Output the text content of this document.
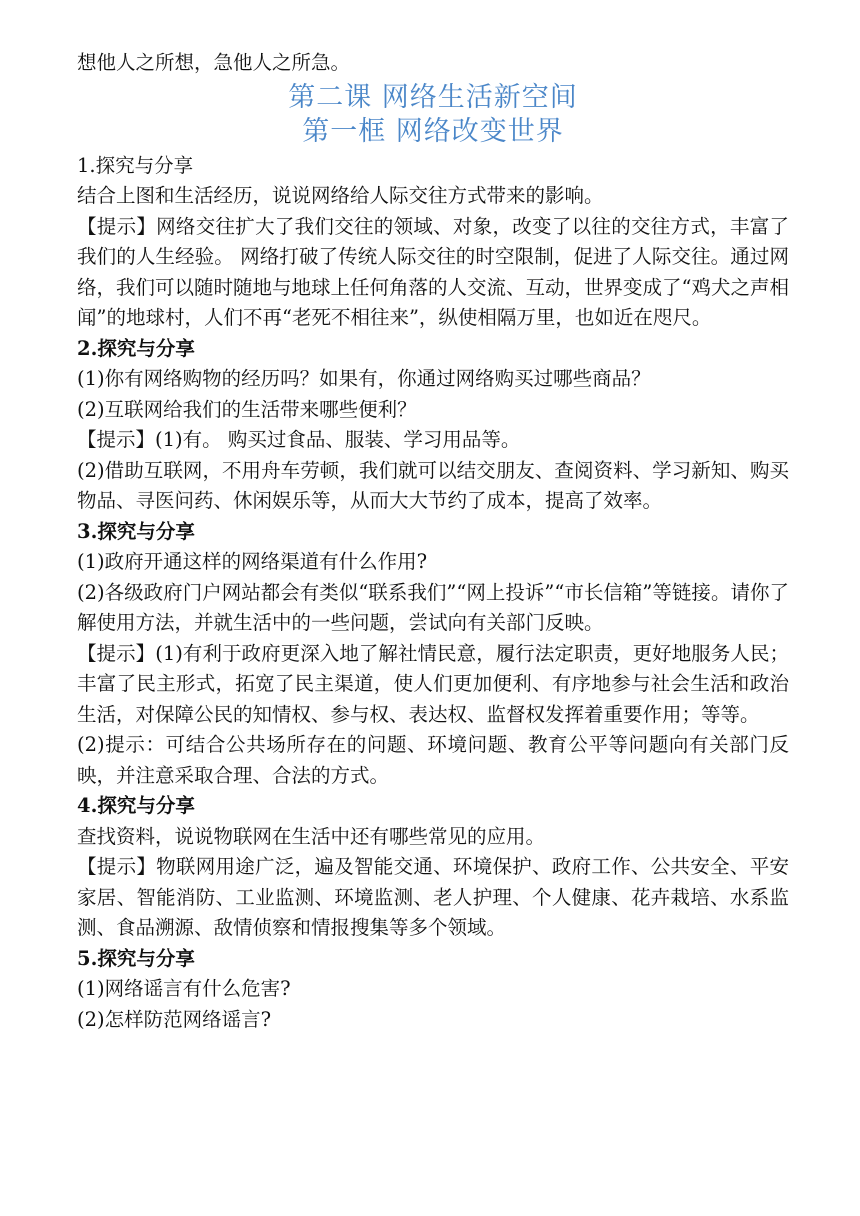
想他人之所想，急他人之所急。

第二课 网络生活新空间

第一框 网络改变世界

1.探究与分享

结合上图和生活经历，说说网络给人际交往方式带来的影响。

【提示】网络交往扩大了我们交往的领域、对象，改变了以往的交往方式，丰富了我们的人生经验。 网络打破了传统人际交往的时空限制，促进了人际交往。通过网络，我们可以随时随地与地球上任何角落的人交流、互动，世界变成了“鸡犬之声相闻”的地球村，人们不再“老死不相往来”，纵使相隔万里，也如近在咫尺。

2.探究与分享

(1)你有网络购物的经历吗？如果有，你通过网络购买过哪些商品？

(2)互联网给我们的生活带来哪些便利？

【提示】(1)有。 购买过食品、服装、学习用品等。

(2)借助互联网，不用舟车劳顿，我们就可以结交朋友、查阅资料、学习新知、购买物品、寻医问药、休闲娱乐等，从而大大节约了成本，提高了效率。

3.探究与分享

(1)政府开通这样的网络渠道有什么作用?

(2)各级政府门户网站都会有类似“联系我们”“网上投诉”“市长信箱”等链接。请你了解使用方法，并就生活中的一些问题，尝试向有关部门反映。

【提示】(1)有利于政府更深入地了解社情民意，履行法定职责，更好地服务人民；丰富了民主形式，拓宽了民主渠道，使人们更加便利、有序地参与社会生活和政治生活，对保障公民的知情权、参与权、表达权、监督权发挥着重要作用；等等。

(2)提示：可结合公共场所存在的问题、环境问题、教育公平等问题向有关部门反映，并注意采取合理、合法的方式。

4.探究与分享

查找资料，说说物联网在生活中还有哪些常见的应用。

【提示】物联网用途广泛，遍及智能交通、环境保护、政府工作、公共安全、平安家居、智能消防、工业监测、环境监测、老人护理、个人健康、花卉栽培、水系监测、食品溯源、敌情侦察和情报搜集等多个领域。

5.探究与分享

(1)网络谣言有什么危害?

(2)怎样防范网络谣言?
